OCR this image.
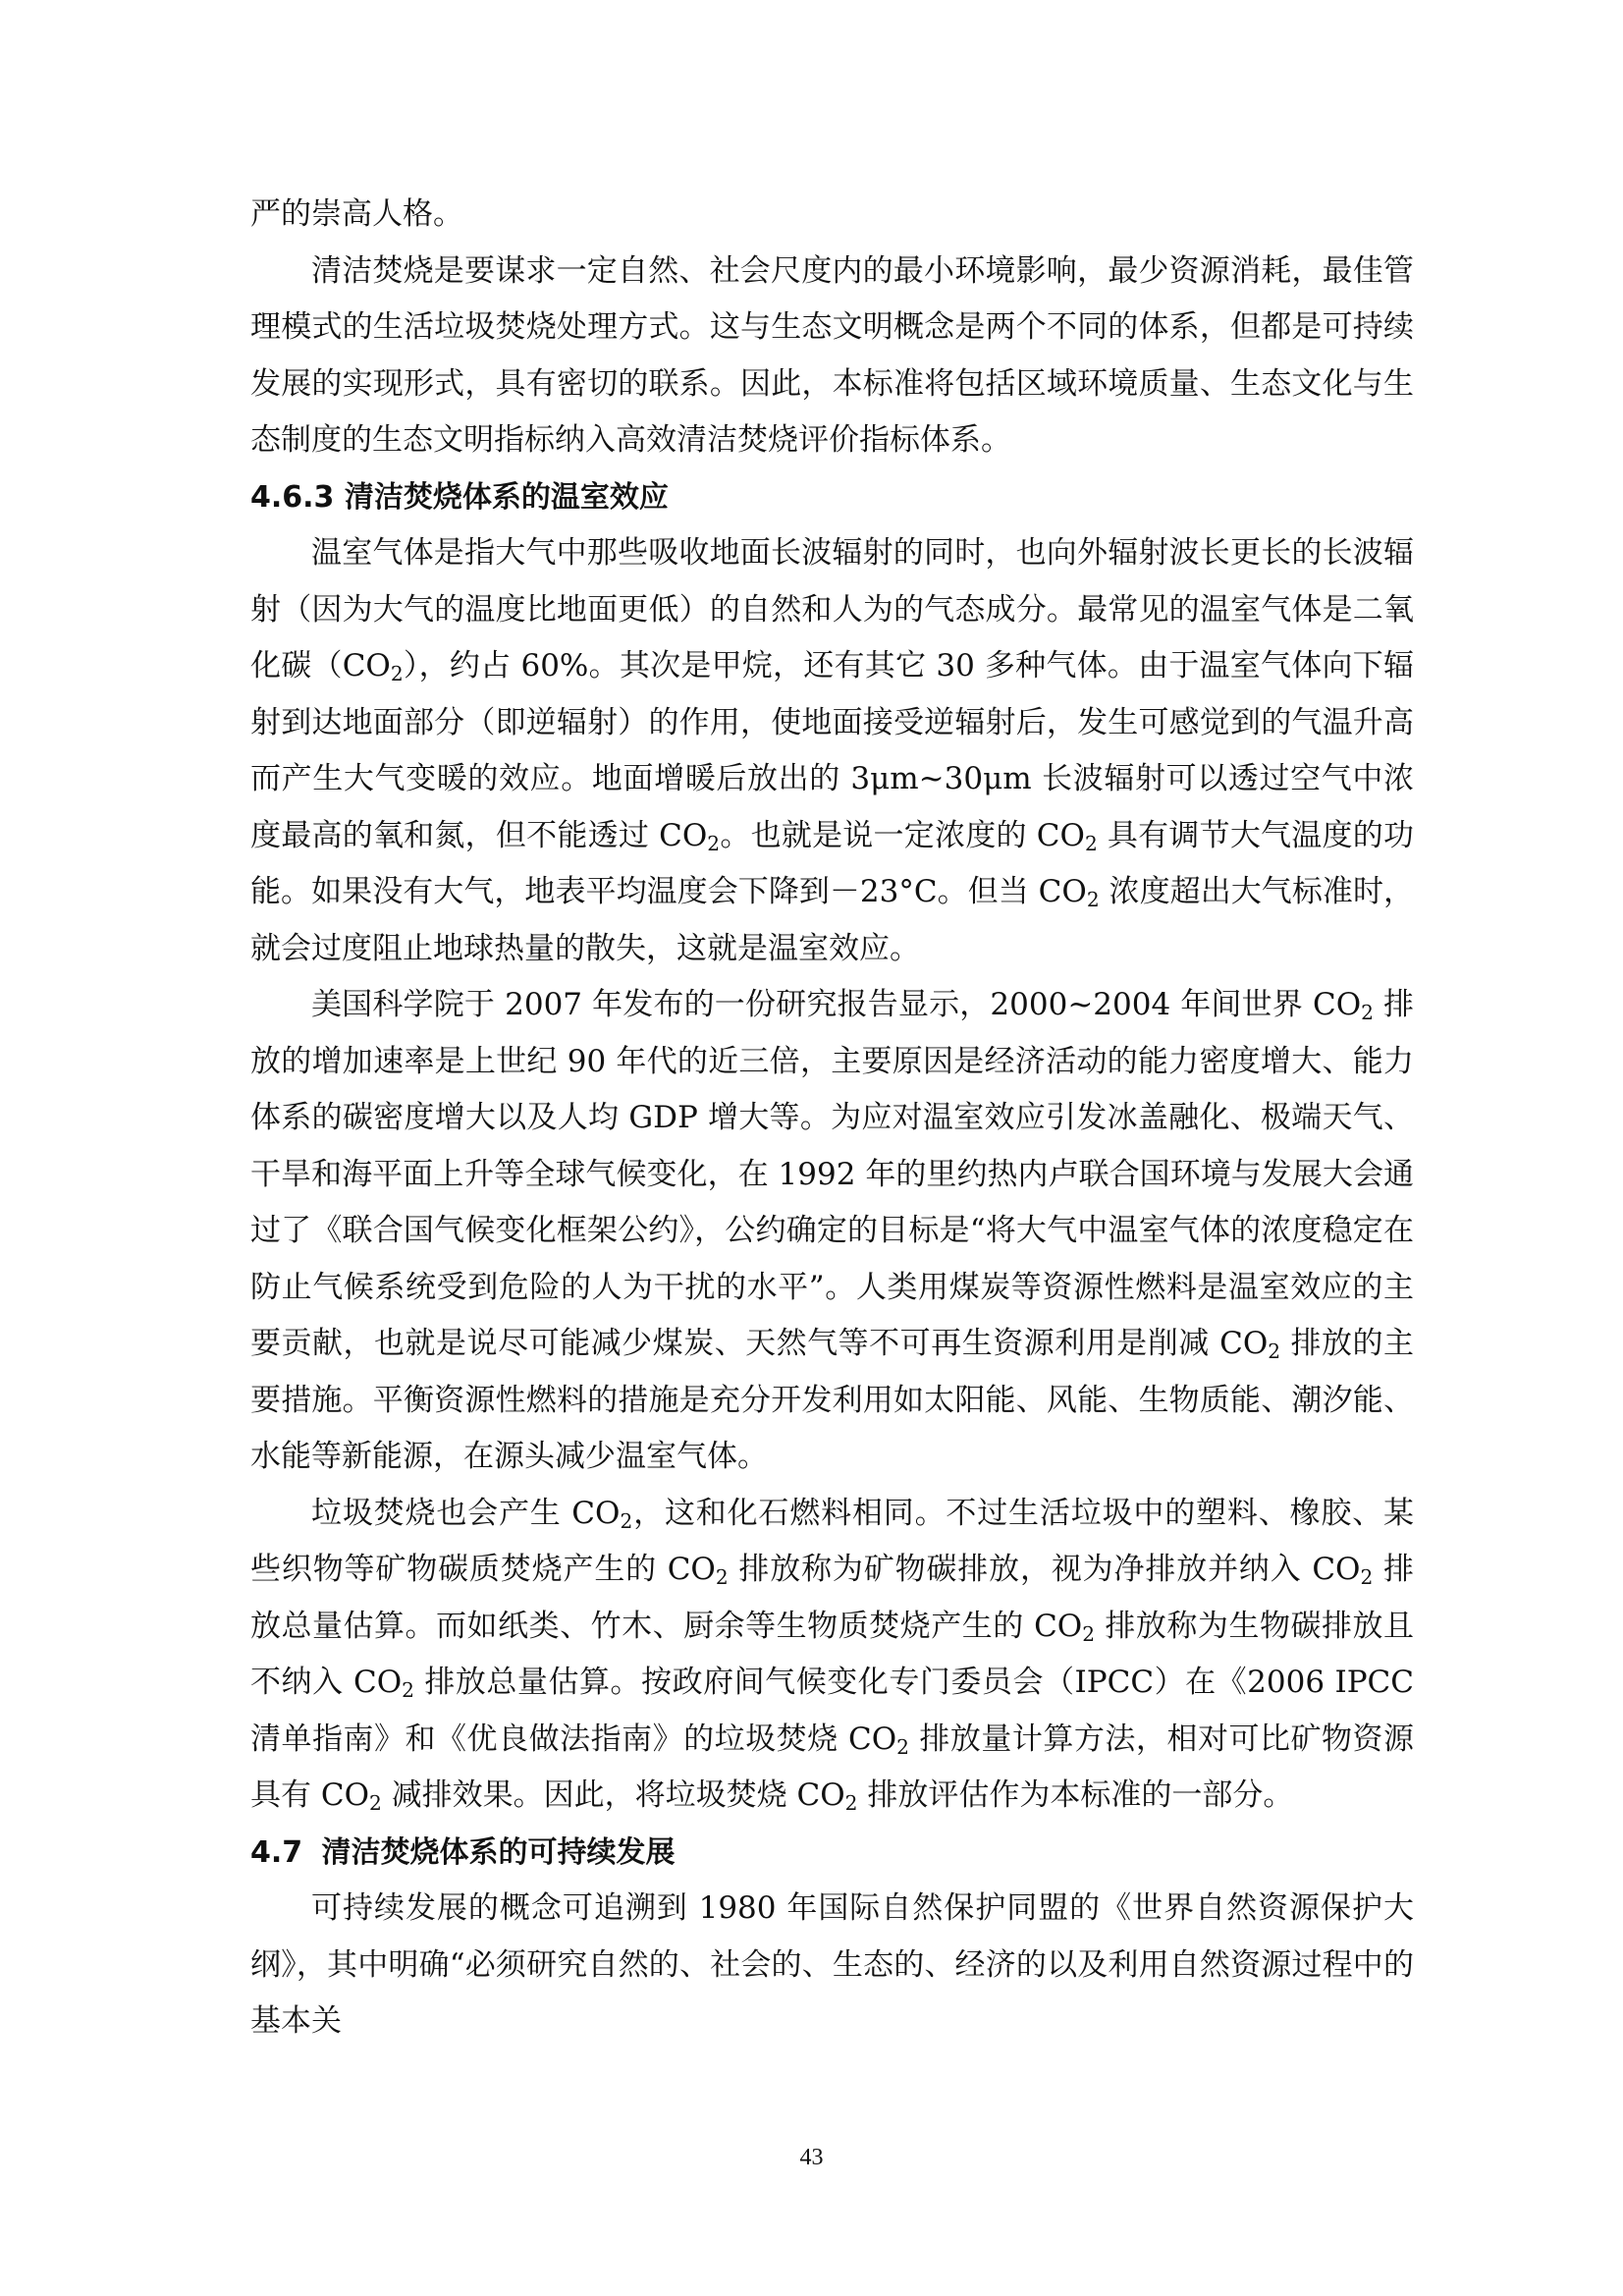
严的崇高人格。

清洁焚烧是要谋求一定自然、社会尺度内的最小环境影响，最少资源消耗，最佳管理模式的生活垃圾焚烧处理方式。这与生态文明概念是两个不同的体系，但都是可持续发展的实现形式，具有密切的联系。因此，本标准将包括区域环境质量、生态文化与生态制度的生态文明指标纳入高效清洁焚烧评价指标体系。

4.6.3 清洁焚烧体系的温室效应

温室气体是指大气中那些吸收地面长波辐射的同时，也向外辐射波长更长的长波辐射（因为大气的温度比地面更低）的自然和人为的气态成分。最常见的温室气体是二氧化碳$(CO_2)$，约占 60%。其次是甲烷，还有其它 30 多种气体。由于温室气体向下辐射到达地面部分（即逆辐射）的作用，使地面接受逆辐射后，发生可感觉到的气温升高而产生大气变暖的效应。地面增暖后放出的 3μm~30μm 长波辐射可以透过空气中浓度最高的氧和氮，但不能透过 $CO_2$。也就是说一定浓度的 $CO_2$ 具有调节大气温度的功能。如果没有大气，地表平均温度会下降到－23°C。但当 $CO_2$ 浓度超出大气标准时，就会过度阻止地球热量的散失，这就是温室效应。

美国科学院于 2007 年发布的一份研究报告显示，2000~2004 年间世界 $CO_2$ 排放的增加速率是上世纪 90 年代的近三倍，主要原因是经济活动的能力密度增大、能力体系的碳密度增大以及人均 GDP 增大等。为应对温室效应引发冰盖融化、极端天气、干旱和海平面上升等全球气候变化，在 1992 年的里约热内卢联合国环境与发展大会通过了《联合国气候变化框架公约》，公约确定的目标是“将大气中温室气体的浓度稳定在防止气候系统受到危险的人为干扰的水平”。人类用煤炭等资源性燃料是温室效应的主要贡献，也就是说尽可能减少煤炭、天然气等不可再生资源利用是削减 $CO_2$ 排放的主要措施。平衡资源性燃料的措施是充分开发利用如太阳能、风能、生物质能、潮汐能、水能等新能源，在源头减少温室气体。

垃圾焚烧也会产生 $CO_2$，这和化石燃料相同。不过生活垃圾中的塑料、橡胶、某些织物等矿物碳质焚烧产生的 $CO_2$ 排放称为矿物碳排放，视为净排放并纳入 $CO_2$ 排放总量估算。而如纸类、竹木、厨余等生物质焚烧产生的 $CO_2$ 排放称为生物碳排放且不纳入 $CO_2$ 排放总量估算。按政府间气候变化专门委员会（IPCC）在《2006 IPCC 清单指南》和《优良做法指南》的垃圾焚烧 $CO_2$ 排放量计算方法，相对可比矿物资源具有 $CO_2$ 减排效果。因此，将垃圾焚烧 $CO_2$ 排放评估作为本标准的一部分。

4.7 清洁焚烧体系的可持续发展

可持续发展的概念可追溯到 1980 年国际自然保护同盟的《世界自然资源保护大纲》，其中明确“必须研究自然的、社会的、生态的、经济的以及利用自然资源过程中的基本关

43
